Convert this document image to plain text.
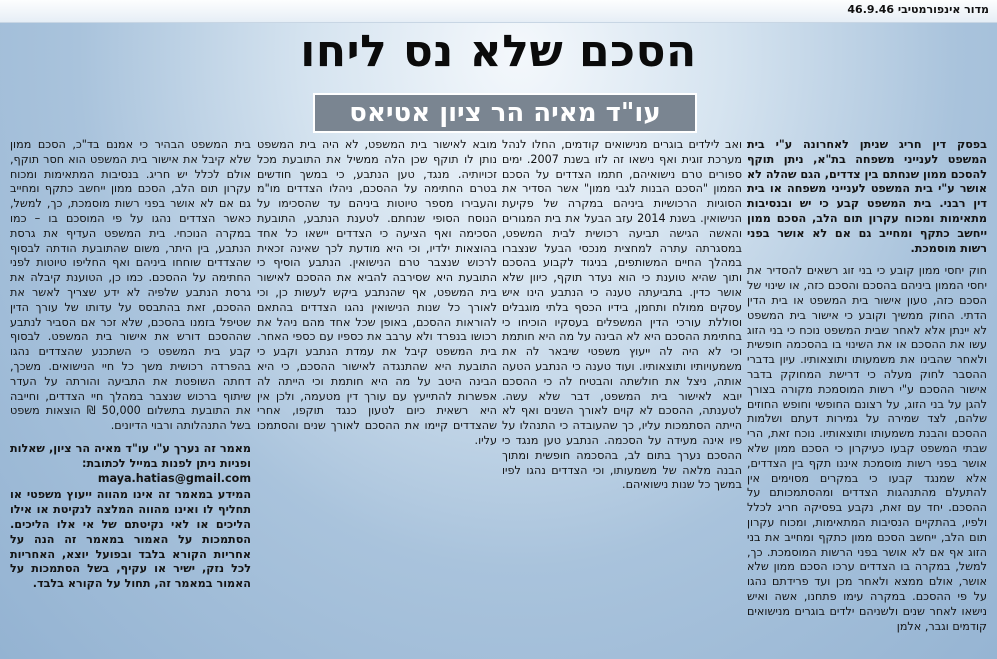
מדור אינפורמטיבי 46.9.46
הסכם שלא נס ליחו
עו"ד מאיה הר ציון אטיאס

בפסק דין חריג שניתן לאחרונה ע"י בית המשפט לענייני משפחה בת"א, ניתן תוקף להסכם ממון שנחתם בין צדדים, הגם שהלה לא אושר ע"י בית המשפט לענייני משפחה או בית דין רבני. בית המשפט קבע כי יש ובנסיבות מתאימות ומכוח עקרון תום הלב, הסכם ממון ייחשב כתקף ומחייב גם אם לא אושר בפני רשות מוסמכת.

חוק יחסי ממון קובע כי בני זוג רשאים להסדיר את יחסי הממון ביניהם בהסכם והסכם כזה, או שינוי של הסכם כזה, טעון אישור בית המשפט או בית הדין הדתי. החוק ממשיך וקובע כי אישור בית המשפט לא יינתן אלא לאחר שבית המשפט נוכח כי בני הזוג עשו את ההסכם או את השינוי בו בהסכמה חופשית ולאחר שהבינו את משמעותו ותוצאותיו. עיון בדברי ההסבר לחוק מעלה כי דרישת המחוקק בדבר אישור ההסכם ע"י רשות המוסמכת מקורה בצורך להגן על בני הזוג, על רצונם החופשי וחופש החוזים שלהם, לצד שמירה על גמירות דעתם ושלמות ההסכם והבנת משמעותו ותוצאותיו. נוכח זאת, הרי שבתי המשפט קבעו כעיקרון כי הסכם ממון שלא אושר בפני רשות מוסמכת איננו תקף בין הצדדים, אלא שמנגד קבעו כי במקרים מסוימים אין להתעלם מהתנהגות הצדדים ומהסתמכותם על ההסכם. יחד עם זאת, נקבע בפסיקה חריג לכלל ולפיו, בהתקיים הנסיבות המתאימות, ומכוח עקרון תום הלב, ייחשב הסכם ממון כתקף ומחייב את בני הזוג אף אם לא אושר בפני הרשות המוסמכת. כך, למשל, במקרה בו הצדדים ערכו הסכם ממון שלא אושר, אולם ממצא ולאחר מכן ועד פרידתם נהגו על פי ההסכם. במקרה עימו פתחנו, אשה ואיש נישאו לאחר שנים ולשניהם ילדים בוגרים מנישואים קודמים וגבר, אלמן

ואב לילדים בוגרים מנישואים קודמים, החלו לנהל מערכת זוגית ואף נישאו זה לזו בשנת 2007. ימים ספורים טרם נישואיהם, חתמו הצדדים על הסכם הממון "הסכם הבנות לגבי ממון" אשר הסדיר את הסוגיות הרכושיות ביניהם במקרה של פקיעת הנישואין. בשנת 2014 עזב הבעל את בית המגורים והאשה הגישה תביעה רכושית לבית המשפט, במסגרתה עתרה למחצית מנכסי הבעל שנצברו במהלך החיים המשותפים, בניגוד לקבוע בהסכם ותוך שהיא טוענת כי הוא נעדר תוקף, כיוון שלא אושר כדין. בתביעתה טענה כי הנתבע הינו איש עסקים ממולח ותחמן, בידיו הכסף בלתי מוגבלים וסוללת עורכי הדין המשפלים בעסקיו הוכיחו כי בחתימת ההסכם היא לא הבינה על מה היא חותמת וכי לא היה לה ייעוץ משפטי שיבאר לה את משמעויותיו ותוצאותיו. ועוד טענה כי הנתבע הטעה אותה, ניצל את חולשתה והבטיח לה כי ההסכם יובא לאישור בית המשפט, דבר שלא עשה. לטענתה, ההסכם לא קוים לאורך השנים ואף לא הייתה הסתמכות עליו, כך שהעובדה כי התנהלו על פיו אינה מעידה על הסכמה. הנתבע טען מנגד כי ההסכם נערך בתום לב, בהסכמה חופשית ומתוך הבנה מלאה של משמעותו, וכי הצדדים נהגו לפיו במשך כל שנות נישואיהם.

מובא לאישור בית המשפט, לא היה בית המשפט נותן לו תוקף שכן הלה ממשיל את התובעת מכל זכויותיה. מנגד, טען הנתבע, כי במשך חודשים בטרם החתימה על ההסכם, ניהלו הצדדים מו"מ והעבירו מספר טיוטות ביניהם עד שהסכימו על הנוסח הסופי שנחתם. לטענת הנתבע, התובעת הסכימה ואף הציעה כי הצדדים יישאו כל אחד בהוצאות ילדיו, וכי היא מודעת לכך שאינה זכאית לרכוש שנצבר טרם הנישואין. הנתבע הוסיף כי התובעת היא שסירבה להביא את ההסכם לאישור בית המשפט, אף שהנתבע ביקש לעשות כן, וכי לאורך כל שנות הנישואין נהגו הצדדים בהתאם להוראות ההסכם, באופן שכל אחד מהם ניהל את רכושו בנפרד ולא ערבב את כספיו עם כספי האחר. בית המשפט קיבל את עמדת הנתבע וקבע כי התובעת היא שהתנגדה לאישור ההסכם, כי היא הבינה היטב על מה היא חותמת וכי הייתה לה אפשרות להתייעץ עם עורך דין מטעמה, ולכן אין היא רשאית כיום לטעון כנגד תוקפו, אחרי שהצדדים קיימו את ההסכם לאורך שנים והסתמכו עליו.

בית המשפט הבהיר כי אמנם בד"כ, הסכם ממון שלא קיבל את אישור בית המשפט הוא חסר תוקף, אולם לכלל יש חריג. בנסיבות המתאימות ומכוח עקרון תום הלב, הסכם ממון ייחשב כתקף ומחייב גם אם לא אושר בפני רשות מוסמכת, כך, למשל, כאשר הצדדים נהגו על פי המוסכם בו – כמו במקרה הנוכחי. בית המשפט העדיף את גרסת הנתבע, בין היתר, משום שהתובעת הודתה לבסוף שהצדדים שוחחו ביניהם ואף החליפו טיוטות לפני החתימה על ההסכם. כמו כן, הטוענת קיבלה את גרסת הנתבע שלפיה לא ידע שצריך לאשר את ההסכם, זאת בהתבסס על עדותו של עורך הדין שטיפל בזמנו בהסכם, שלא זכר אם הסביר לנתבע שההסכם דורש את אישור בית המשפט. לבסוף קבע בית המשפט כי השתכנע שהצדדים נהגו בהפרדה רכושית משך כל חיי הנישואים. משכך, דחתה השופטת את התביעה והורתה על העדר שיתוף ברכוש שנצבר במהלך חיי הצדדים, וחייבה את התובעת בתשלום 50,000 ₪ הוצאות משפט בשל התנהלותה ורבוי הדיונים.

מאמר זה נערך ע"י עו"ד מאיה הר ציון, שאלות ופניות ניתן לפנות במייל לכתובת:
maya.hatias@gmail.com

המידע במאמר זה אינו מהווה ייעוץ משפטי או תחליף לו ואינו מהווה המלצה לנקיטת או אילו הליכים או לאי נקיטתם של אי אלו הליכים. הסתמכות על האמור במאמר זה הנה על אחריות הקורא בלבד ובפועל יוצא, האחריות לכל נזק, ישיר או עקיף, בשל הסתמכות על האמור במאמר זה, תחול על הקורא בלבד.
